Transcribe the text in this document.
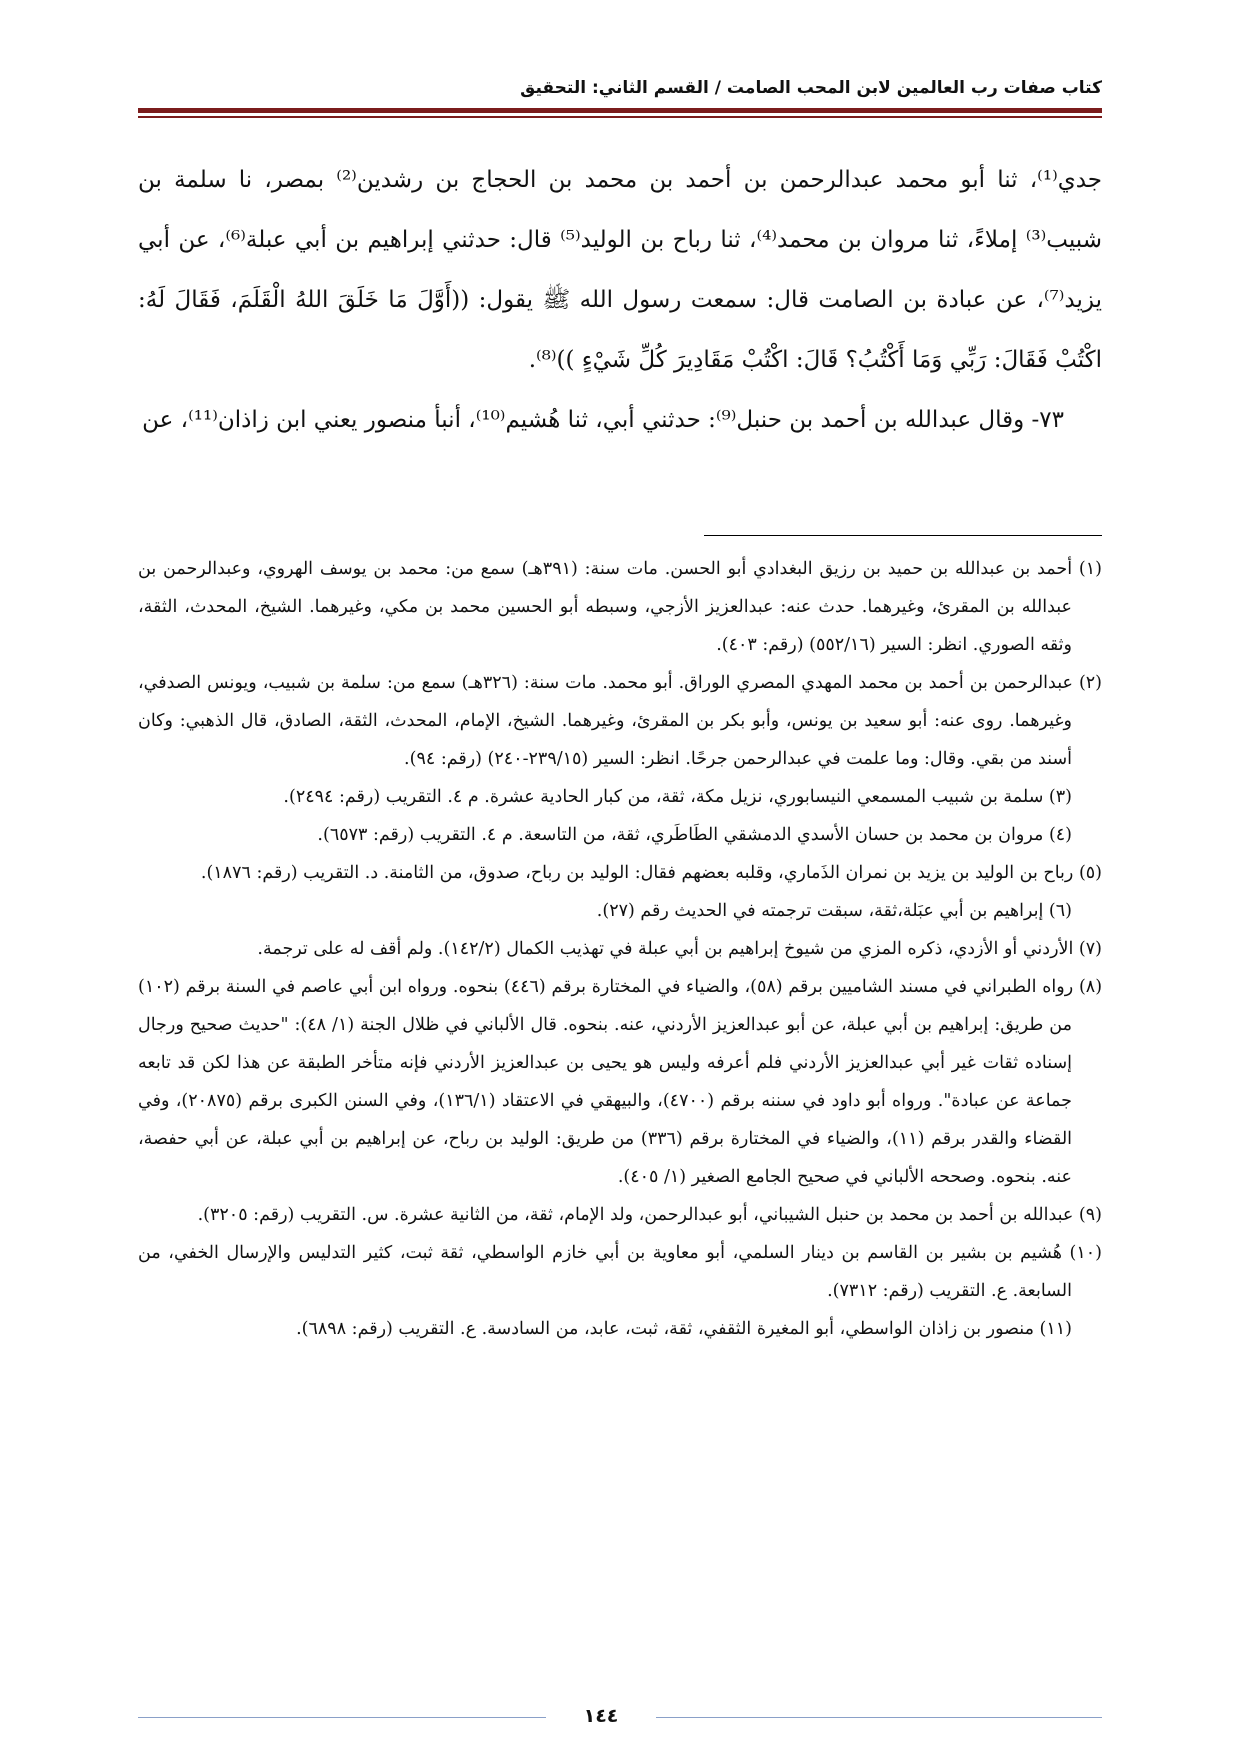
كتاب صفات رب العالمين لابن المحب الصامت / القسم الثاني: التحقيق

جدي⁽¹⁾، ثنا أبو محمد عبدالرحمن بن أحمد بن محمد بن الحجاج بن رشدين⁽²⁾ بمصر، نا سلمة بن شبيب⁽³⁾ إملاءً، ثنا مروان بن محمد⁽⁴⁾، ثنا رباح بن الوليد⁽⁵⁾ قال: حدثني إبراهيم بن أبي عبلة⁽⁶⁾، عن أبي يزيد⁽⁷⁾، عن عبادة بن الصامت قال: سمعت رسول الله ﷺ يقول: ((أَوَّلَ مَا خَلَقَ اللهُ الْقَلَمَ، فَقَالَ لَهُ: اكْتُبْ فَقَالَ: رَبِّي وَمَا أَكْتُبُ؟ قَالَ: اكْتُبْ مَقَادِيرَ كُلِّ شَيْءٍ ))⁽⁸⁾.

٧٣- وقال عبدالله بن أحمد بن حنبل⁽⁹⁾: حدثني أبي، ثنا هُشيم⁽¹⁰⁾، أنبأ منصور يعني ابن زاذان⁽¹¹⁾، عن

(١) أحمد بن عبدالله بن حميد بن رزيق البغدادي أبو الحسن. مات سنة: (٣٩١هـ) سمع من: محمد بن يوسف الهروي، وعبدالرحمن بن عبدالله بن المقرئ، وغيرهما. حدث عنه: عبدالعزيز الأزجي، وسبطه أبو الحسين محمد بن مكي، وغيرهما. الشيخ، المحدث، الثقة، وثقه الصوري. انظر: السير (٥٥٢/١٦) (رقم: ٤٠٣).

(٢) عبدالرحمن بن أحمد بن محمد المهدي المصري الوراق. أبو محمد. مات سنة: (٣٢٦هـ) سمع من: سلمة بن شبيب، ويونس الصدفي، وغيرهما. روى عنه: أبو سعيد بن يونس، وأبو بكر بن المقرئ، وغيرهما. الشيخ، الإمام، المحدث، الثقة، الصادق، قال الذهبي: وكان أسند من بقي. وقال: وما علمت في عبدالرحمن جرحًا. انظر: السير (٢٣٩/١٥-٢٤٠) (رقم: ٩٤).

(٣) سلمة بن شبيب المسمعي النيسابوري، نزيل مكة، ثقة، من كبار الحادية عشرة. م ٤. التقريب (رقم: ٢٤٩٤).

(٤) مروان بن محمد بن حسان الأسدي الدمشقي الطَاطَري، ثقة، من التاسعة. م ٤. التقريب (رقم: ٦٥٧٣).

(٥) رباح بن الوليد بن يزيد بن نمران الذَماري، وقلبه بعضهم فقال: الوليد بن رباح، صدوق، من الثامنة. د. التقريب (رقم: ١٨٧٦).

(٦) إبراهيم بن أبي عبَلة،ثقة، سبقت ترجمته في الحديث رقم (٢٧).

(٧) الأردني أو الأزدي، ذكره المزي من شيوخ إبراهيم بن أبي عبلة في تهذيب الكمال (١٤٢/٢). ولم أقف له على ترجمة.

(٨) رواه الطبراني في مسند الشاميين برقم (٥٨)، والضياء في المختارة برقم (٤٤٦) بنحوه. ورواه ابن أبي عاصم في السنة برقم (١٠٢) من طريق: إبراهيم بن أبي عبلة، عن أبو عبدالعزيز الأردني، عنه. بنحوه. قال الألباني في ظلال الجنة (١/ ٤٨): "حديث صحيح ورجال إسناده ثقات غير أبي عبدالعزيز الأردني فلم أعرفه وليس هو يحيى بن عبدالعزيز الأردني فإنه متأخر الطبقة عن هذا لكن قد تابعه جماعة عن عبادة". ورواه أبو داود في سننه برقم (٤٧٠٠)، والبيهقي في الاعتقاد (١٣٦/١)، وفي السنن الكبرى برقم (٢٠٨٧٥)، وفي القضاء والقدر برقم (١١)، والضياء في المختارة برقم (٣٣٦) من طريق: الوليد بن رباح، عن إبراهيم بن أبي عبلة، عن أبي حفصة، عنه. بنحوه. وصححه الألباني في صحيح الجامع الصغير (١/ ٤٠٥).

(٩) عبدالله بن أحمد بن محمد بن حنبل الشيباني، أبو عبدالرحمن، ولد الإمام، ثقة، من الثانية عشرة. س. التقريب (رقم: ٣٢٠٥).

(١٠) هُشيم بن بشير بن القاسم بن دينار السلمي، أبو معاوية بن أبي خازم الواسطي، ثقة ثبت، كثير التدليس والإرسال الخفي، من السابعة. ع. التقريب (رقم: ٧٣١٢).

(١١) منصور بن زاذان الواسطي، أبو المغيرة الثقفي، ثقة، ثبت، عابد، من السادسة. ع. التقريب (رقم: ٦٨٩٨).

١٤٤
